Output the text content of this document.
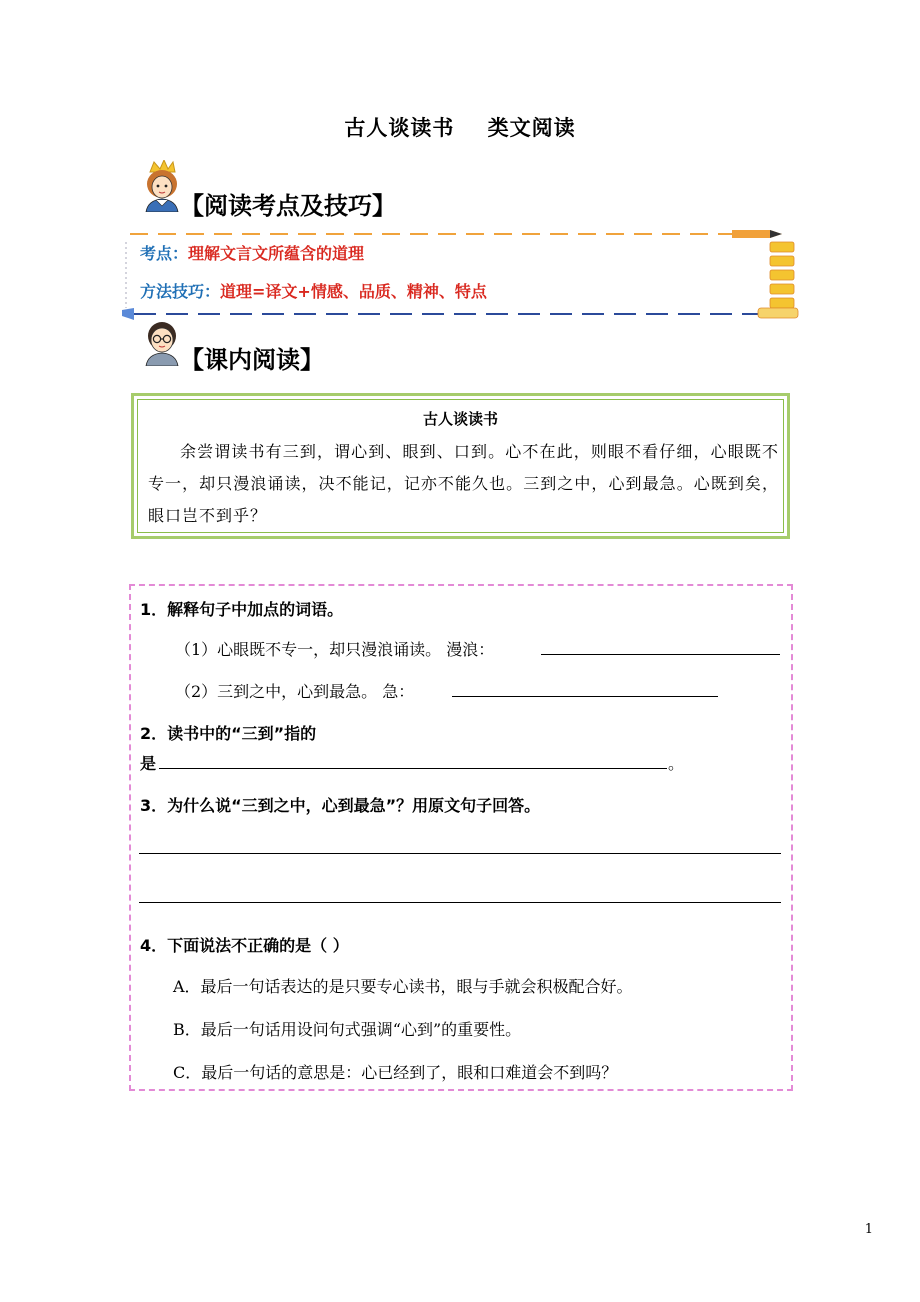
古人谈读书    类文阅读
【阅读考点及技巧】
考点：理解文言文所蕴含的道理
方法技巧：道理=译文+情感、品质、精神、特点
【课内阅读】
古人谈读书
余尝谓读书有三到，谓心到、眼到、口到。心不在此，则眼不看仔细，心眼既不专一，却只漫浪诵读，决不能记，记亦不能久也。三到之中，心到最急。心既到矣，眼口岂不到乎？
1．解释句子中加点的词语。
（1）心眼既不专一，却只漫浪诵读。 漫浪：
（2）三到之中，心到最急。 急：
2．读书中的“三到”指的
是	。
3．为什么说“三到之中，心到最急”？用原文句子回答。
4．下面说法不正确的是（ ）
A．最后一句话表达的是只要专心读书，眼与手就会积极配合好。
B．最后一句话用设问句式强调“心到”的重要性。
C．最后一句话的意思是：心已经到了，眼和口难道会不到吗？
1
